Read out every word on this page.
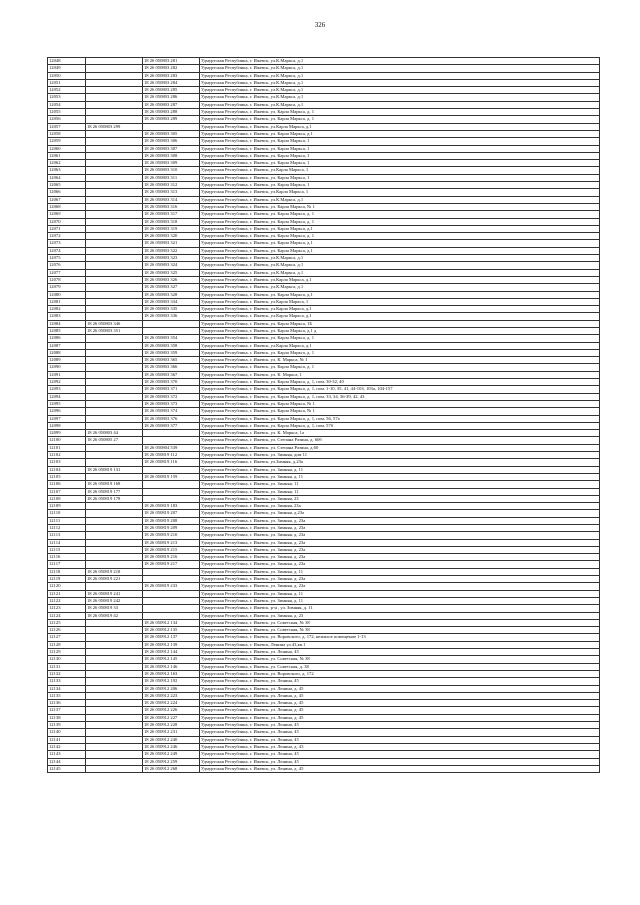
326
12048		18 26 050803 281	Удмуртская Республика, г. Ижевск, ул.К.Маркса, д.1
12049		18 26 050803 282	Удмуртская Республика, г. Ижевск, ул.К.Маркса, д.1
12050		18 26 050803 283	Удмуртская Республика, г. Ижевск, ул.К.Маркса, д.1
12051		18 26 050803 284	Удмуртская Республика, г. Ижевск, ул.К.Маркса, д.1
12052		18 26 050803 285	Удмуртская Республика, г. Ижевск, ул.К.Маркса, д.1
12053		18 26 050803 286	Удмуртская Республика, г. Ижевск, ул.К.Маркса, д.1
12054		18 26 050803 287	Удмуртская Республика, г. Ижевск, ул.К.Маркса, д.1
12055		18 26 050803 288	Удмуртская Республика, г. Ижевск, ул. Карла Маркса, д. 1
12056		18 26 050803 289	Удмуртская Республика, г. Ижевск, ул. Карла Маркса, д. 1
12057	18 26 050803 299		Удмуртская Республика, г. Ижевск, ул.Карла Маркса, д.1
12058		18 26 050803 305	Удмуртская Республика, г. Ижевск, ул. Карла Маркса, д.1
12059		18 26 050803 306	Удмуртская Республика, г. Ижевск, ул. Карла Маркса, 1
12060		18 26 050803 307	Удмуртская Республика, г. Ижевск, ул. Карла Маркса, 1
12061		18 26 050803 308	Удмуртская Республика, г. Ижевск, ул. Карла Маркса, 1
12062		18 26 050803 309	Удмуртская Республика, г. Ижевск, ул. Карла Маркса, 1
12063		18 26 050803 310	Удмуртская Республика, г. Ижевск, ул.Карла Маркса, 1
12064		18 26 050803 311	Удмуртская Республика, г. Ижевск, ул. Карла Маркса, 1
12065		18 26 050803 312	Удмуртская Республика, г. Ижевск, ул. Карла Маркса, 1
12066		18 26 050803 313	Удмуртская Республика, г. Ижевск, ул.Карла Маркса, 1
12067		18 26 050803 314	Удмуртская Республика, г. Ижевск, ул.К.Маркса, д.1
12068		18 26 050803 316	Удмуртская Республика, г. Ижевск, ул. Карла Маркса, № 1
12069		18 26 050803 317	Удмуртская Республика, г. Ижевск, ул. Карла Маркса, д. 1
12070		18 26 050803 318	Удмуртская Республика, г. Ижевск, ул. Карла Маркса, д. 1
12071		18 26 050803 319	Удмуртская Республика, г. Ижевск, ул. Карла Маркса, д.1
12072		18 26 050803 320	Удмуртская Республика, г. Ижевск, ул. Карла Маркса, д. 1
12073		18 26 050803 321	Удмуртская Республика, г. Ижевск, ул. Карла Маркса, д.1
12074		18 26 050803 322	Удмуртская Республика, г. Ижевск, ул. Карла Маркса, д.1
12075		18 26 050803 323	Удмуртская Республика, г. Ижевск, ул.К.Маркса, д.1
12076		18 26 050803 324	Удмуртская Республика, г. Ижевск, ул.К.Маркса, д.1
12077		18 26 050803 325	Удмуртская Республика, г. Ижевск, ул.К.Маркса, д.1
12078		18 26 050803 326	Удмуртская Республика, г. Ижевск, ул.Карла Маркса, д.1
12079		18 26 050803 327	Удмуртская Республика, г. Ижевск, ул.К.Маркса, д.1
12080		18 26 050803 328	Удмуртская Республика, г. Ижевск, ул. Карла Маркса, д.1
12081		18 26 050803 334	Удмуртская Республика, г. Ижевск, ул.Карла Маркса, 1
12082		18 26 050803 335	Удмуртская Республика, г. Ижевск, ул.Карла Маркса, д.1
12083		18 26 050803 336	Удмуртская Республика, г. Ижевск, ул.Карла Маркса, д.1
12084	18 26 050803 346		Удмуртская Республика, г. Ижевск, ул. Карла Маркса, 1Б
12085	18 26 050803 351		Удмуртская Республика, г. Ижевск, ул. Карла Маркса, д.1 д
12086		18 26 050803 354	Удмуртская Республика, г. Ижевск, ул. Карла Маркса, д. 1
12087		18 26 050803 358	Удмуртская Республика, г. Ижевск, ул.Карла Маркса, д.1
12088		18 26 050803 359	Удмуртская Республика, г. Ижевск, ул. Карла Маркса, д. 1
12089		18 26 050803 365	Удмуртская Республика, г. Ижевск, ул. К. Маркса, № 1
12090		18 26 050803 366	Удмуртская Республика, г. Ижевск, ул. Карла Маркса, д. 1
12091		18 26 050803 367	Удмуртская Республика, г. Ижевск, ул. К. Маркса, 1
12092		18 26 050803 370	Удмуртская Республика, г. Ижевск, ул. Карла Маркса, д. 1, пом. 30-32, 40
12093		18 26 050803 371	Удмуртская Республика, г. Ижевск, ул. Карла Маркса, д. 1, пом. 1-10, 35, 41, 44-103, 103а, 104-157
12094		18 26 050803 372	Удмуртская Республика, г. Ижевск, ул. Карла Маркса, д. 1, пом. 33, 34, 36-39, 42, 43
12095		18 26 050803 373	Удмуртская Республика, г. Ижевск, ул. Карла Маркса, № 1
12096		18 26 050803 374	Удмуртская Республика, г. Ижевск, ул. Карла Маркса, № 1
12097		18 26 050803 376	Удмуртская Республика, г. Ижевск, ул. Карла Маркса, д. 1, пом. 56, 57а
12098		18 26 050803 377	Удмуртская Республика, г. Ижевск, ул. Карла Маркса, д. 1, пом. 57б
12099	18 26 050803 44		Удмуртская Республика, г. Ижевск, ул. К. Маркса, 1а
12100	18 26 050805 27		Удмуртская Республика, г. Ижевск, ул. Степана Разина, д. 60б
12101		18 26 050804 539	Удмуртская Республика, г. Ижевск, ул. Степана Разина, д.60
12102		18 26 050819 112	Удмуртская Республика, г. Ижевск, ул. Зимняя, дом 11
12103		18 26 050819 116	Удмуртская Республика, г. Ижевск, ул.Зимняя, д.23а
12104	18 26 050819 131		Удмуртская Республика, г. Ижевск, ул. Зимняя, д. 11
12105		18 26 050819 159	Удмуртская Республика, г. Ижевск, ул. Зимняя, д. 11
12106	18 26 050819 168		Удмуртская Республика, г. Ижевск, ул. Зимняя, 11
12107	18 26 050819 177		Удмуртская Республика, г. Ижевск, ул. Зимняя, 11
12108	18 26 050819 178		Удмуртская Республика, г. Ижевск, ул. Зимняя, 23
12109		18 26 050819 183	Удмуртская Республика, г. Ижевск, ул. Зимняя, 23а
12110		18 26 050819 207	Удмуртская Республика, г. Ижевск, ул. Зимняя, д.23а
12111		18 26 050819 208	Удмуртская Республика, г. Ижевск, ул. Зимняя, д. 23а
12112		18 26 050819 209	Удмуртская Республика, г. Ижевск, ул. Зимняя, д. 23а
12113		18 26 050819 210	Удмуртская Республика, г. Ижевск, ул. Зимняя, д. 23а
12114		18 26 050819 213	Удмуртская Республика, г. Ижевск, ул. Зимняя, д. 23а
12115		18 26 050819 215	Удмуртская Республика, г. Ижевск, ул. Зимняя, д. 23а
12116		18 26 050819 216	Удмуртская Республика, г. Ижевск, ул. Зимняя, д. 23а
12117		18 26 050819 217	Удмуртская Республика, г. Ижевск, ул. Зимняя, д. 23а
12118	18 26 050819 218		Удмуртская Республика, г. Ижевск, ул. Зимняя, д. 11
12119	18 26 050819 221		Удмуртская Республика, г. Ижевск, ул. Зимняя, д. 23а
12120		18 26 050819 233	Удмуртская Республика, г. Ижевск, ул. Зимняя, д. 23а
12121	18 26 050819 241		Удмуртская Республика, г. Ижевск, ул. Зимняя, д. 11
12122	18 26 050819 242		Удмуртская Республика, г. Ижевск, ул. Зимняя, д. 11
12123	18 26 050819 33		Удмуртская Республика, г. Ижевск, р-н , ул. Зимняя, д. 11
12124	18 26 050819 42		Удмуртская Республика, г. Ижевск, ул. Зимняя, д. 23
12125		18 26 050912 134	Удмуртская Республика, г. Ижевск, ул. Советская, № 38
12126		18 26 050912 135	Удмуртская Республика, г. Ижевск, ул. Советская, № 38
12127		18 26 050912 137	Удмуртская Республика, г. Ижевск, ул. Воровского, д. 172, нежилое помещение 1-13
12128		18 26 050912 139	Удмуртская Республика, г. Ижевск, Ленина ул.43,кв.1
12129		18 26 050912 144	Удмуртская Республика, г. Ижевск, ул. Ленина, 45
12130		18 26 050912 145	Удмуртская Республика, г. Ижевск, ул. Советская, № 38
12131		18 26 050912 146	Удмуртская Республика, г. Ижевск, ул. Советская, д. 38
12132		18 26 050912 163	Удмуртская Республика, г. Ижевск, ул. Воровского, д. 172
12133		18 26 050912 192	Удмуртская Республика, г. Ижевск, ул. Ленина, 45
12134		18 26 050912 206	Удмуртская Республика, г. Ижевск, ул. Ленина, д. 45
12135		18 26 050912 223	Удмуртская Республика, г. Ижевск, ул. Ленина, д. 45
12136		18 26 050912 224	Удмуртская Республика, г. Ижевск, ул. Ленина, д. 45
12137		18 26 050912 226	Удмуртская Республика, г. Ижевск, ул. Ленина, д. 45
12138		18 26 050912 227	Удмуртская Республика, г. Ижевск, ул. Ленина, д. 45
12139		18 26 050912 228	Удмуртская Республика, г. Ижевск, ул. Ленина, 45
12140		18 26 050912 231	Удмуртская Республика, г. Ижевск, ул. Ленина, 45
12141		18 26 050912 240	Удмуртская Республика, г. Ижевск, ул. Ленина, 45
12142		18 26 050912 246	Удмуртская Республика, г. Ижевск, ул. Ленина, д. 43
12143		18 26 050912 249	Удмуртская Республика, г. Ижевск, ул. Ленина, 45
12144		18 26 050912 259	Удмуртская Республика, г. Ижевск, ул. Ленина, 45
12145		18 26 050912 268	Удмуртская Республика, г. Ижевск, ул. Ленина, д. 45
